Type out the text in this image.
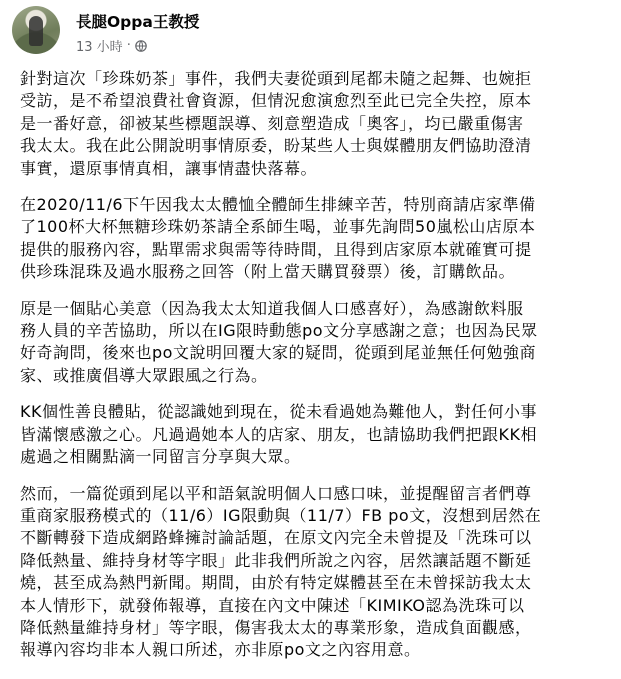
長腿Oppa王教授
13 小時 ·

針對這次「珍珠奶茶」事件，我們夫妻從頭到尾都未隨之起舞、也婉拒
受訪，是不希望浪費社會資源，但情況愈演愈烈至此已完全失控，原本
是一番好意，卻被某些標題誤導、刻意塑造成「奧客」，均已嚴重傷害
我太太。我在此公開說明事情原委，盼某些人士與媒體朋友們協助澄清
事實，還原事情真相，讓事情盡快落幕。

在2020/11/6下午因我太太體恤全體師生排練辛苦，特別商請店家準備
了100杯大杯無糖珍珠奶茶請全系師生喝，並事先詢問50嵐松山店原本
提供的服務內容，點單需求與需等待時間，且得到店家原本就確實可提
供珍珠混珠及過水服務之回答（附上當天購買發票）後，訂購飲品。

原是一個貼心美意（因為我太太知道我個人口感喜好），為感謝飲料服
務人員的辛苦協助，所以在IG限時動態po文分享感謝之意；也因為民眾
好奇詢問，後來也po文說明回覆大家的疑問，從頭到尾並無任何勉強商
家、或推廣倡導大眾跟風之行為。

KK個性善良體貼，從認識她到現在，從未看過她為難他人，對任何小事
皆滿懷感激之心。凡過過她本人的店家、朋友，也請協助我們把跟KK相
處過之相關點滴一同留言分享與大眾。

然而，一篇從頭到尾以平和語氣說明個人口感口味，並提醒留言者們尊
重商家服務模式的（11/6）IG限動與（11/7）FB po文，沒想到居然在
不斷轉發下造成網路蜂擁討論話題，在原文內完全未曾提及「洗珠可以
降低熱量、維持身材等字眼」此非我們所說之內容，居然讓話題不斷延
燒，甚至成為熱門新聞。期間，由於有特定媒體甚至在未曾採訪我太太
本人情形下，就發佈報導，直接在內文中陳述「KIMIKO認為洗珠可以
降低熱量維持身材」等字眼，傷害我太太的專業形象，造成負面觀感，
報導內容均非本人親口所述，亦非原po文之內容用意。
